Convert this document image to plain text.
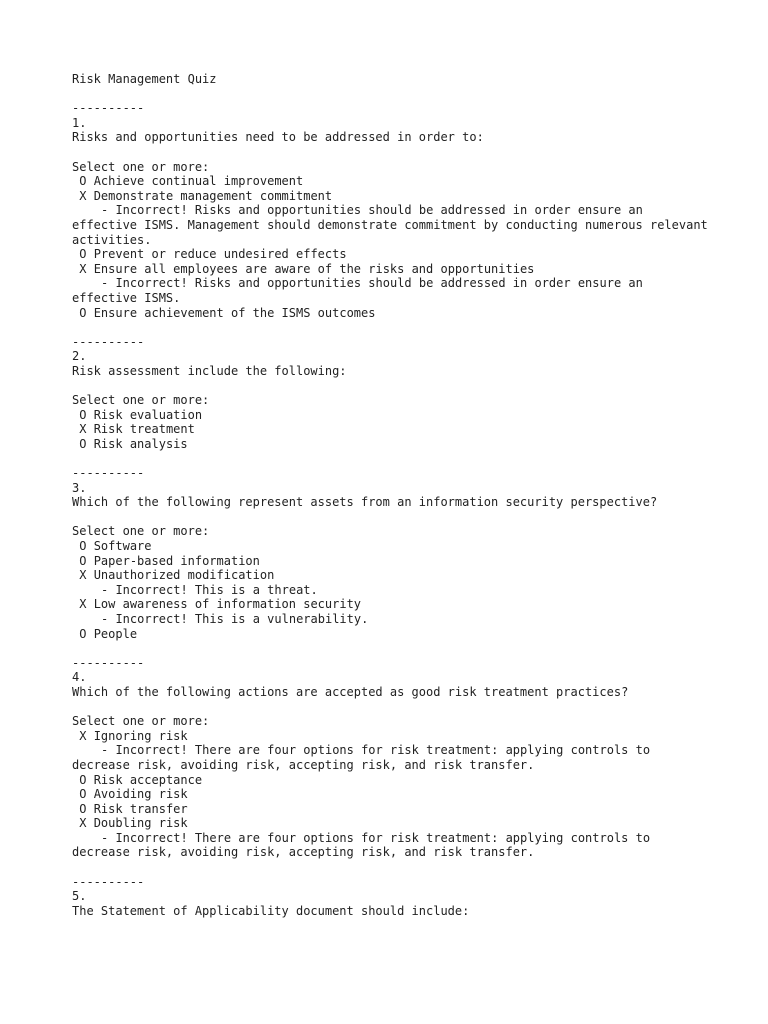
Risk Management Quiz
----------
1.
Risks and opportunities need to be addressed in order to:
Select one or more:
O Achieve continual improvement
X Demonstrate management commitment
- Incorrect! Risks and opportunities should be addressed in order ensure an effective ISMS. Management should demonstrate commitment by conducting numerous relevant activities.
O Prevent or reduce undesired effects
X Ensure all employees are aware of the risks and opportunities
- Incorrect! Risks and opportunities should be addressed in order ensure an effective ISMS.
O Ensure achievement of the ISMS outcomes
----------
2.
Risk assessment include the following:
Select one or more:
O Risk evaluation
X Risk treatment
O Risk analysis
----------
3.
Which of the following represent assets from an information security perspective?
Select one or more:
O Software
O Paper-based information
X Unauthorized modification
- Incorrect! This is a threat.
X Low awareness of information security
- Incorrect! This is a vulnerability.
O People
----------
4.
Which of the following actions are accepted as good risk treatment practices?
Select one or more:
X Ignoring risk
- Incorrect! There are four options for risk treatment: applying controls to decrease risk, avoiding risk, accepting risk, and risk transfer.
O Risk acceptance
O Avoiding risk
O Risk transfer
X Doubling risk
- Incorrect! There are four options for risk treatment: applying controls to decrease risk, avoiding risk, accepting risk, and risk transfer.
----------
5.
The Statement of Applicability document should include:
